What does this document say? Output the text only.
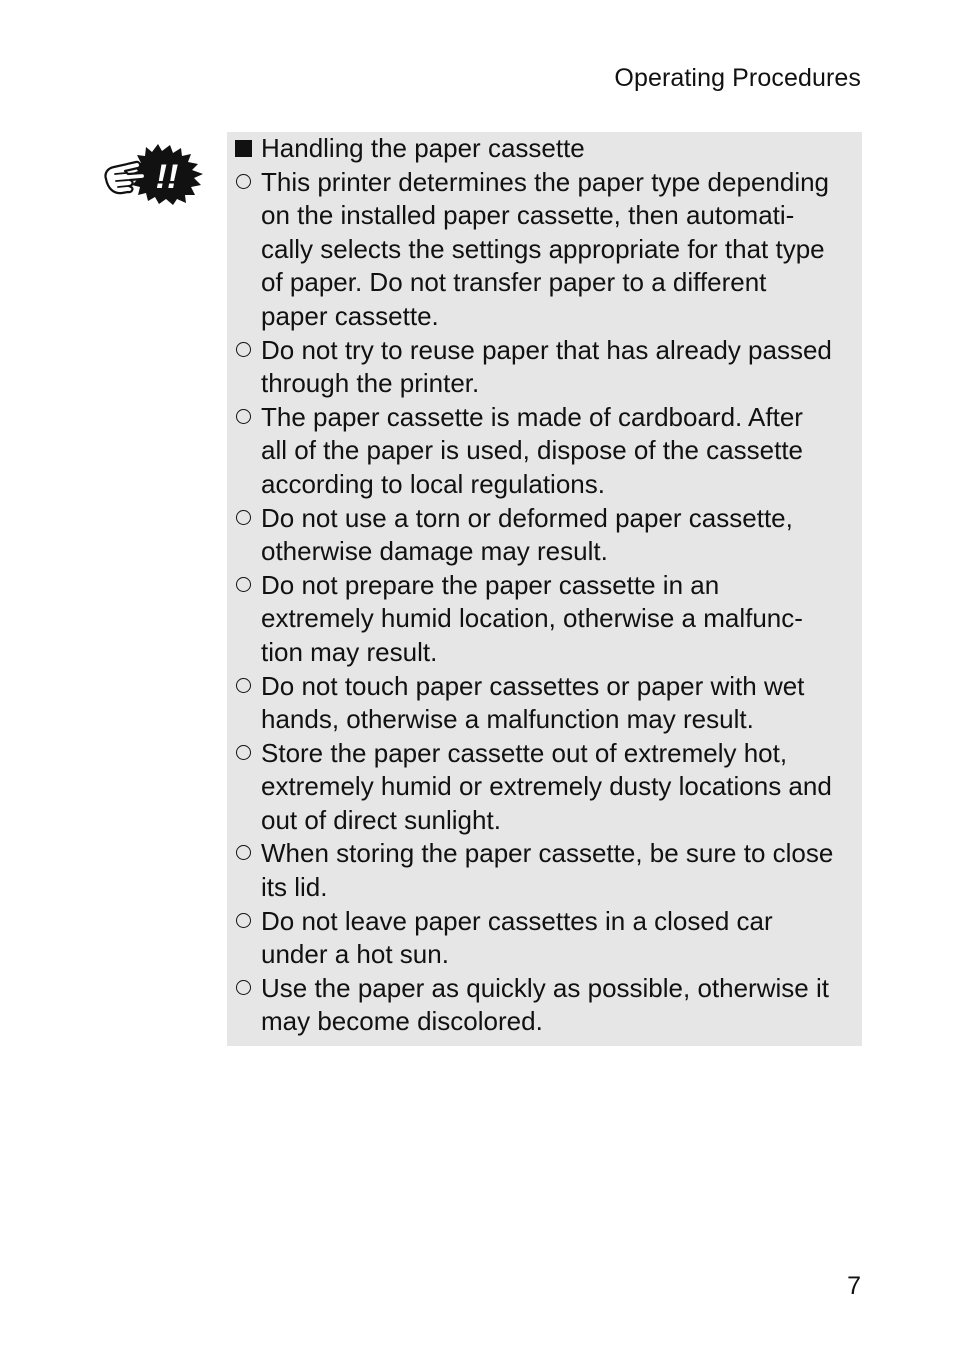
Operating Procedures
!!
Handling the paper cassette
This printer determines the paper type depending
on the installed paper cassette, then automati-
cally selects the settings appropriate for that type
of paper. Do not transfer paper to a different
paper cassette.
Do not try to reuse paper that has already passed
through the printer.
The paper cassette is made of cardboard. After
all of the paper is used, dispose of the cassette
according to local regulations.
Do not use a torn or deformed paper cassette,
otherwise damage may result.
Do not prepare the paper cassette in an
extremely humid location, otherwise a malfunc-
tion may result.
Do not touch paper cassettes or paper with wet
hands, otherwise a malfunction may result.
Store the paper cassette out of extremely hot,
extremely humid or extremely dusty locations and
out of direct sunlight.
When storing the paper cassette, be sure to close
its lid.
Do not leave paper cassettes in a closed car
under a hot sun.
Use the paper as quickly as possible, otherwise it
may become discolored.
7
